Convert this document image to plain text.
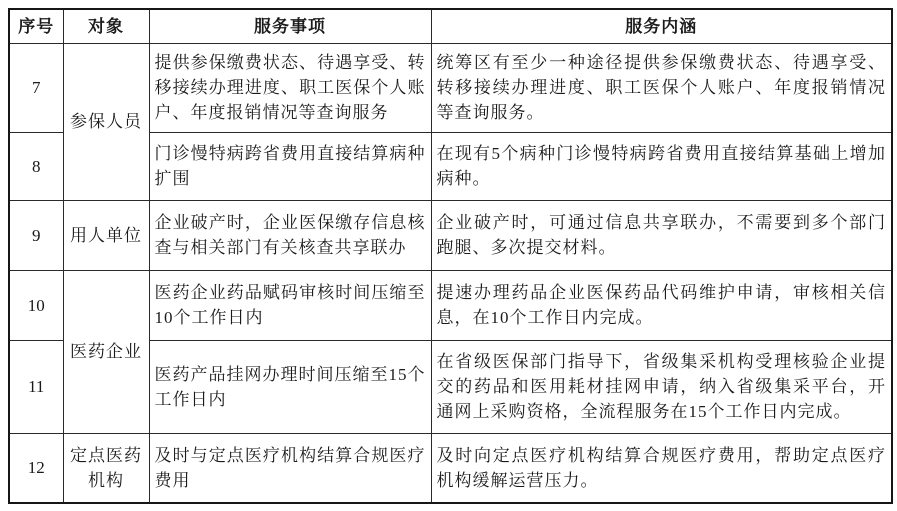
序号	对象	服务事项	服务内涵
7	参保人员	提供参保缴费状态、待遇享受、转移接续办理进度、职工医保个人账户、年度报销情况等查询服务	统筹区有至少一种途径提供参保缴费状态、待遇享受、转移接续办理进度、职工医保个人账户、年度报销情况等查询服务。
8		门诊慢特病跨省费用直接结算病种扩围	在现有5个病种门诊慢特病跨省费用直接结算基础上增加病种。
9	用人单位	企业破产时，企业医保缴存信息核查与相关部门有关核查共享联办	企业破产时，可通过信息共享联办，不需要到多个部门跑腿、多次提交材料。
10	医药企业	医药企业药品赋码审核时间压缩至10个工作日内	提速办理药品企业医保药品代码维护申请，审核相关信息，在10个工作日内完成。
11		医药产品挂网办理时间压缩至15个工作日内	在省级医保部门指导下，省级集采机构受理核验企业提交的药品和医用耗材挂网申请，纳入省级集采平台，开通网上采购资格，全流程服务在15个工作日内完成。
12	定点医药机构	及时与定点医疗机构结算合规医疗费用	及时向定点医疗机构结算合规医疗费用，帮助定点医疗机构缓解运营压力。
